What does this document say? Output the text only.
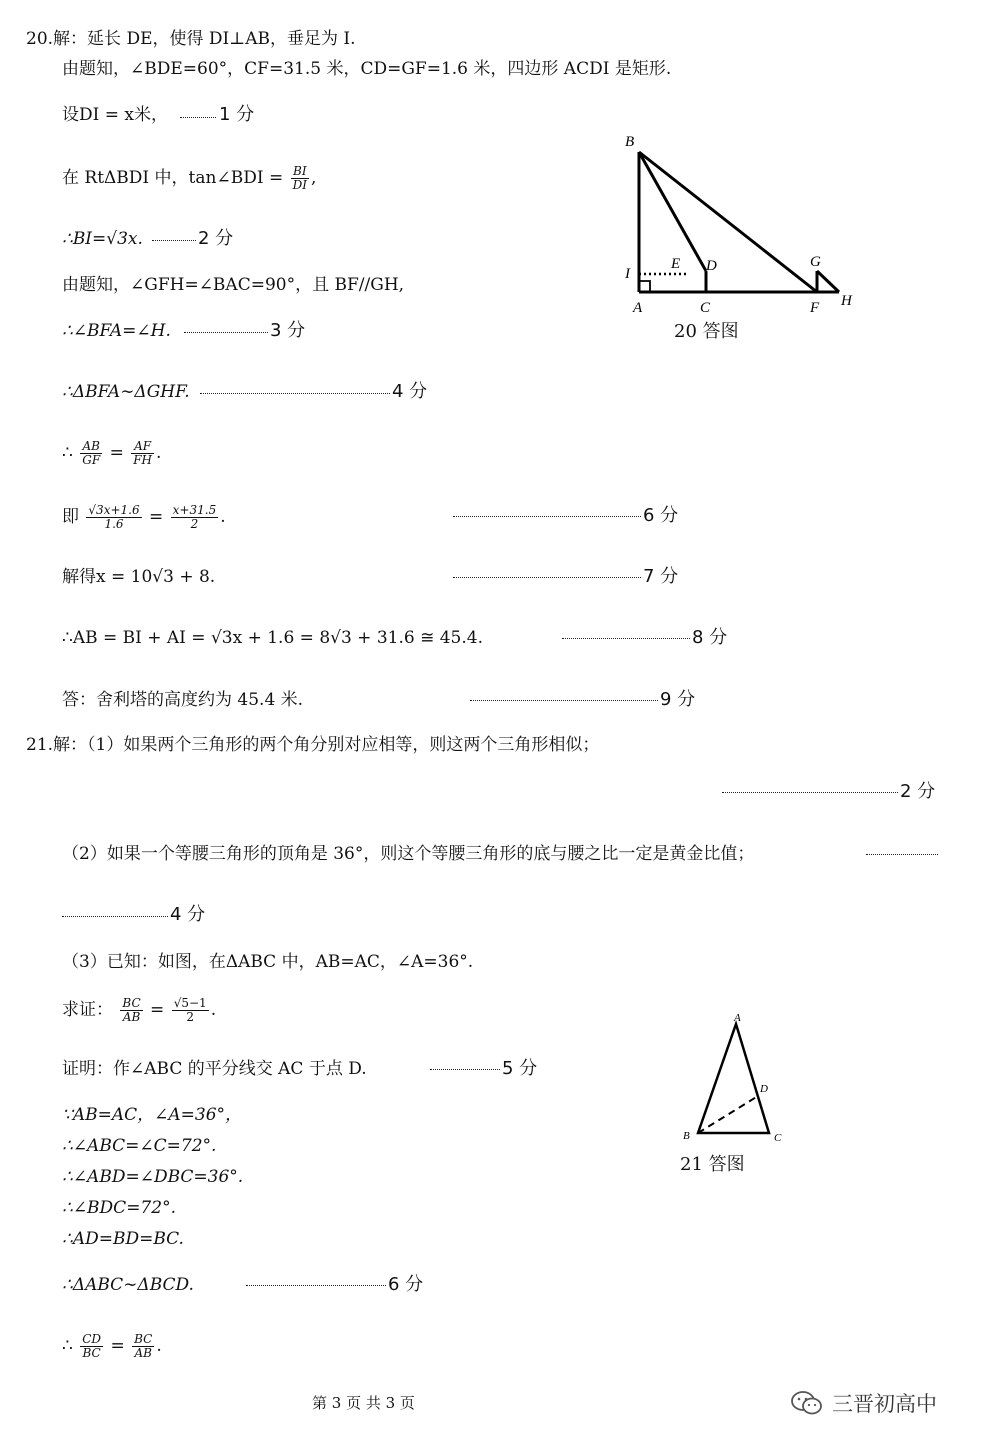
20.解：延长 DE，使得 DI⊥AB，垂足为 I.
由题知，∠BDE=60°，CF=31.5 米，CD=GF=1.6 米，四边形 ACDI 是矩形.
设DI = x米，	1 分
在 RtΔBDI 中，tan∠BDI = $\frac{BI}{DI}$ ,
∴BI=√3x.	2 分
由题知，∠GFH=∠BAC=90°，且 BF//GH,
∴∠BFA=∠H.	3 分
∴ΔBFA∼ΔGHF.	4 分
∴ $\frac{AB}{GF} = \frac{AF}{FH}$ .
即 $\frac{√3x+1.6}{1.6} = \frac{x+31.5}{2}$ .	6 分
解得x = 10√3 + 8.	7 分
∴AB = BI + AI = √3x + 1.6 = 8√3 + 31.6 ≅ 45.4.	8 分
答：舍利塔的高度约为 45.4 米.	9 分
B
I
E D
A	C
G
F H
20 答图
21.解：（1）如果两个三角形的两个角分别对应相等，则这两个三角形相似；
2 分
（2）如果一个等腰三角形的顶角是 36°，则这个等腰三角形的底与腰之比一定是黄金比值；
4 分
（3）已知：如图，在ΔABC 中，AB=AC，∠A=36°.
求证： $\frac{BC}{AB} = \frac{√5-1}{2}$ .
证明：作∠ABC 的平分线交 AC 于点 D.	5 分
∵AB=AC，∠A=36°，
∴∠ABC=∠C=72°.
∴∠ABD=∠DBC=36°.
∴∠BDC=72°.
∴AD=BD=BC.
∴ΔABC∼ΔBCD.	6 分
∴ $\frac{CD}{BC} = \frac{BC}{AB}$ .
A
B	C
D
21 答图
第 3 页 共 3 页	三晋初高中
